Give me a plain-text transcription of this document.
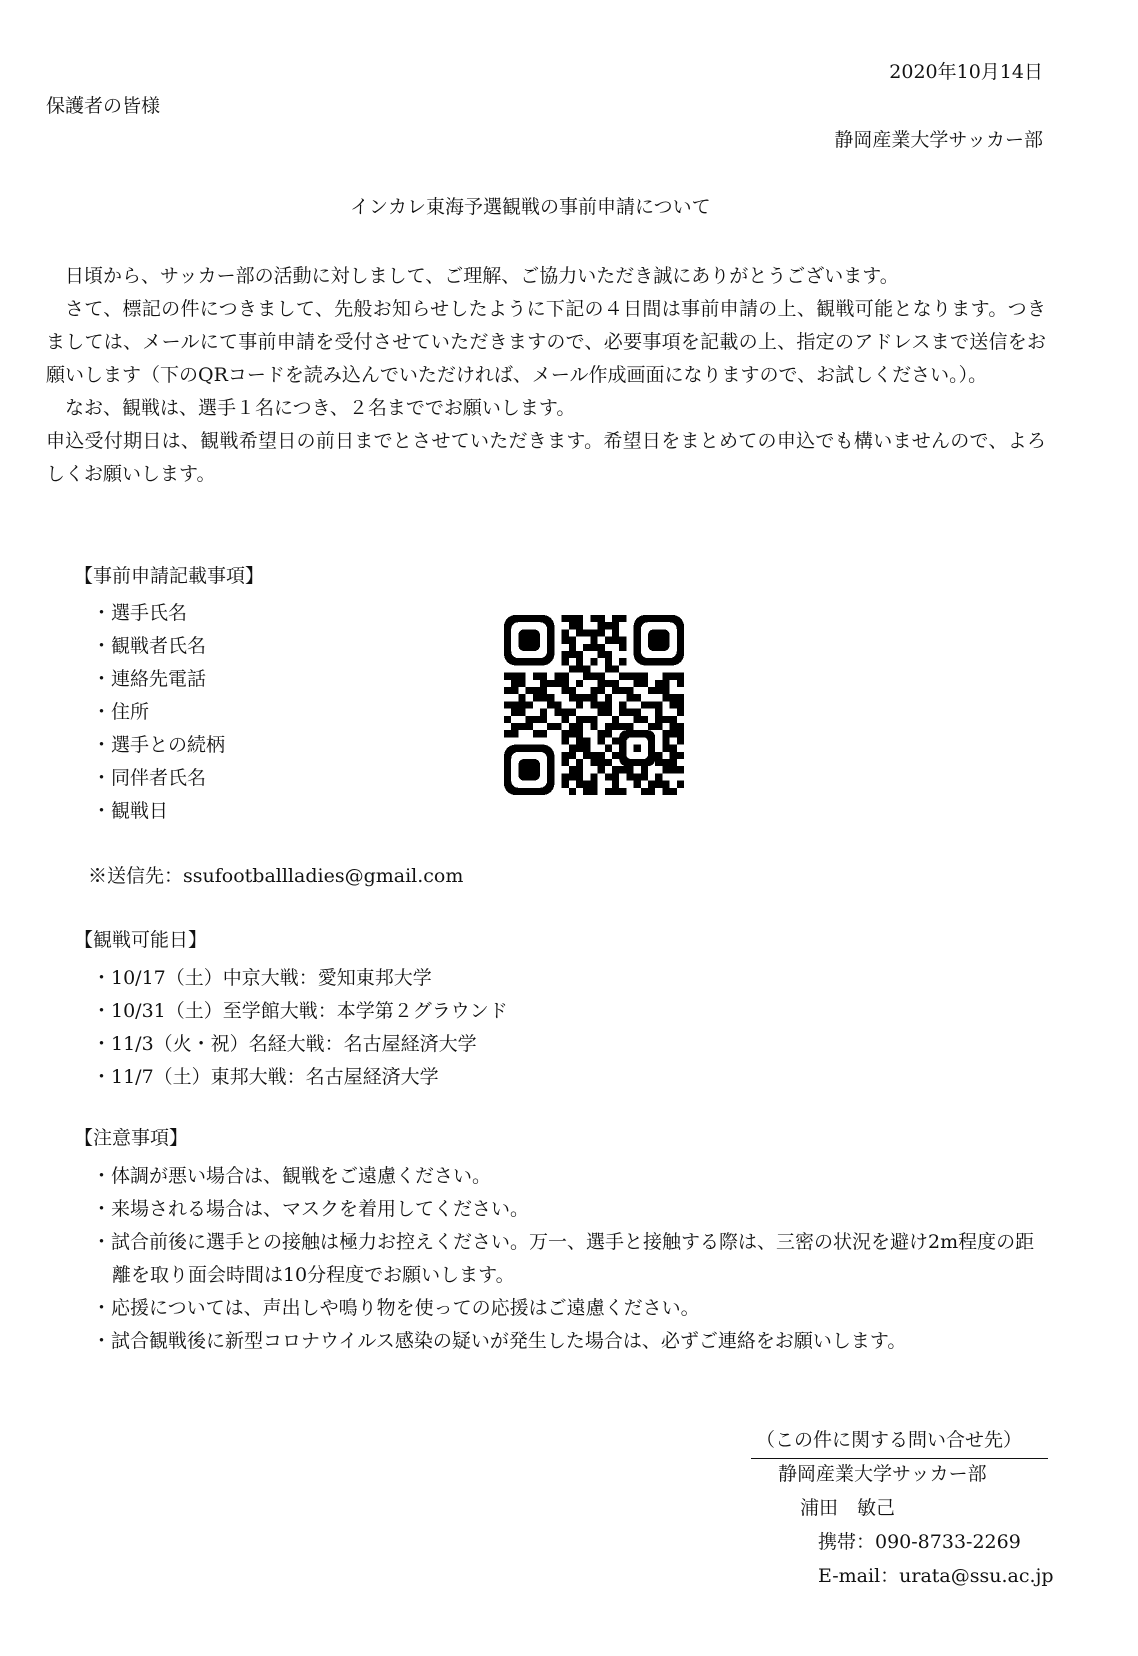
2020年10月14日
保護者の皆様
静岡産業大学サッカー部
インカレ東海予選観戦の事前申請について

日頃から、サッカー部の活動に対しまして、ご理解、ご協力いただき誠にありがとうございます。

さて、標記の件につきまして、先般お知らせしたように下記の４日間は事前申請の上、観戦可能となります。つきましては、メールにて事前申請を受付させていただきますので、必要事項を記載の上、指定のアドレスまで送信をお願いします（下のQRコードを読み込んでいただければ、メール作成画面になりますので、お試しください。）。

なお、観戦は、選手１名につき、２名まででお願いします。

申込受付期日は、観戦希望日の前日までとさせていただきます。希望日をまとめての申込でも構いませんので、よろしくお願いします。

【事前申請記載事項】
・選手氏名
・観戦者氏名
・連絡先電話
・住所
・選手との続柄
・同伴者氏名
・観戦日
※送信先：ssufootballladies@gmail.com
【観戦可能日】
・10/17（土）中京大戦：愛知東邦大学
・10/31（土）至学館大戦：本学第２グラウンド
・11/3（火・祝）名経大戦：名古屋経済大学
・11/7（土）東邦大戦：名古屋経済大学
【注意事項】
・体調が悪い場合は、観戦をご遠慮ください。
・来場される場合は、マスクを着用してください。
・試合前後に選手との接触は極力お控えください。万一、選手と接触する際は、三密の状況を避け2m程度の距離を取り面会時間は10分程度でお願いします。
・応援については、声出しや鳴り物を使っての応援はご遠慮ください。
・試合観戦後に新型コロナウイルス感染の疑いが発生した場合は、必ずご連絡をお願いします。
（この件に関する問い合せ先）
静岡産業大学サッカー部
浦田　敏己
携帯：090-8733-2269
E-mail：urata@ssu.ac.jp
